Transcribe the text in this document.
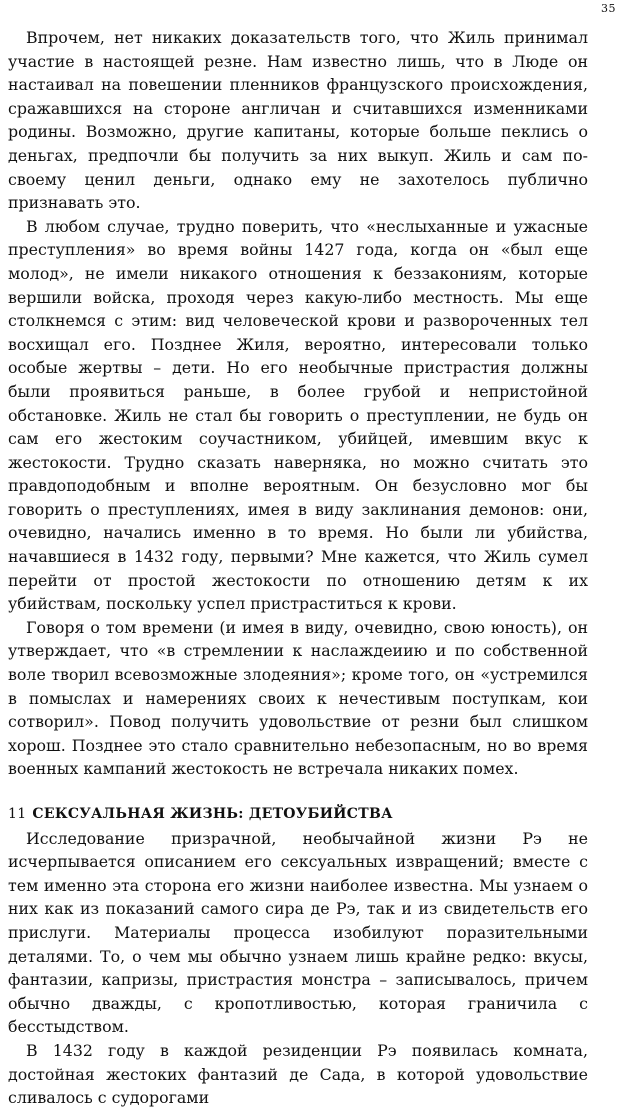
35

Впрочем, нет никаких доказательств того, что Жиль принимал участие в настоящей резне. Нам известно лишь, что в Люде он настаивал на повешении пленников французского происхождения, сражавшихся на стороне англичан и считавшихся изменниками родины. Возможно, другие капитаны, которые больше пеклись о деньгах, предпочли бы получить за них выкуп. Жиль и сам по-своему ценил деньги, однако ему не захотелось публично признавать это.

В любом случае, трудно поверить, что «неслыханные и ужасные преступления» во время войны 1427 года, когда он «был еще молод», не имели никакого отношения к беззакониям, которые вершили войска, проходя через какую-либо местность. Мы еще столкнемся с этим: вид человеческой крови и развороченных тел восхищал его. Позднее Жиля, вероятно, интересовали только особые жертвы – дети. Но его необычные пристрастия должны были проявиться раньше, в более грубой и непристойной обстановке. Жиль не стал бы говорить о преступлении, не будь он сам его жестоким соучастником, убийцей, имевшим вкус к жестокости. Трудно сказать наверняка, но можно считать это правдоподобным и вполне вероятным. Он безусловно мог бы говорить о преступлениях, имея в виду заклинания демонов: они, очевидно, начались именно в то время. Но были ли убийства, начавшиеся в 1432 году, первыми? Мне кажется, что Жиль сумел перейти от простой жестокости по отношению детям к их убийствам, поскольку успел пристраститься к крови.

Говоря о том времени (и имея в виду, очевидно, свою юность), он утверждает, что «в стремлении к наслаждеиию и по собственной воле творил всевозможные злодеяния»; кроме того, он «устремился в помыслах и намерениях своих к нечестивым поступкам, кои сотворил». Повод получить удовольствие от резни был слишком хорош. Позднее это стало сравнительно небезопасным, но во время военных кампаний жестокость не встречала никаких помех.

11 СЕКСУАЛЬНАЯ ЖИЗНЬ: ДЕТОУБИЙСТВА

Исследование призрачной, необычайной жизни Рэ не исчерпывается описанием его сексуальных извращений; вместе с тем именно эта сторона его жизни наиболее известна. Мы узнаем о них как из показаний самого сира де Рэ, так и из свидетельств его прислуги. Материалы процесса изобилуют поразительными деталями. То, о чем мы обычно узнаем лишь крайне редко: вкусы, фантазии, капризы, пристрастия монстра – записывалось, причем обычно дважды, с кропотливостью, которая граничила с бесстыдством.

В 1432 году в каждой резиденции Рэ появилась комната, достойная жестоких фантазий де Сада, в которой удовольствие сливалось с судорогами
